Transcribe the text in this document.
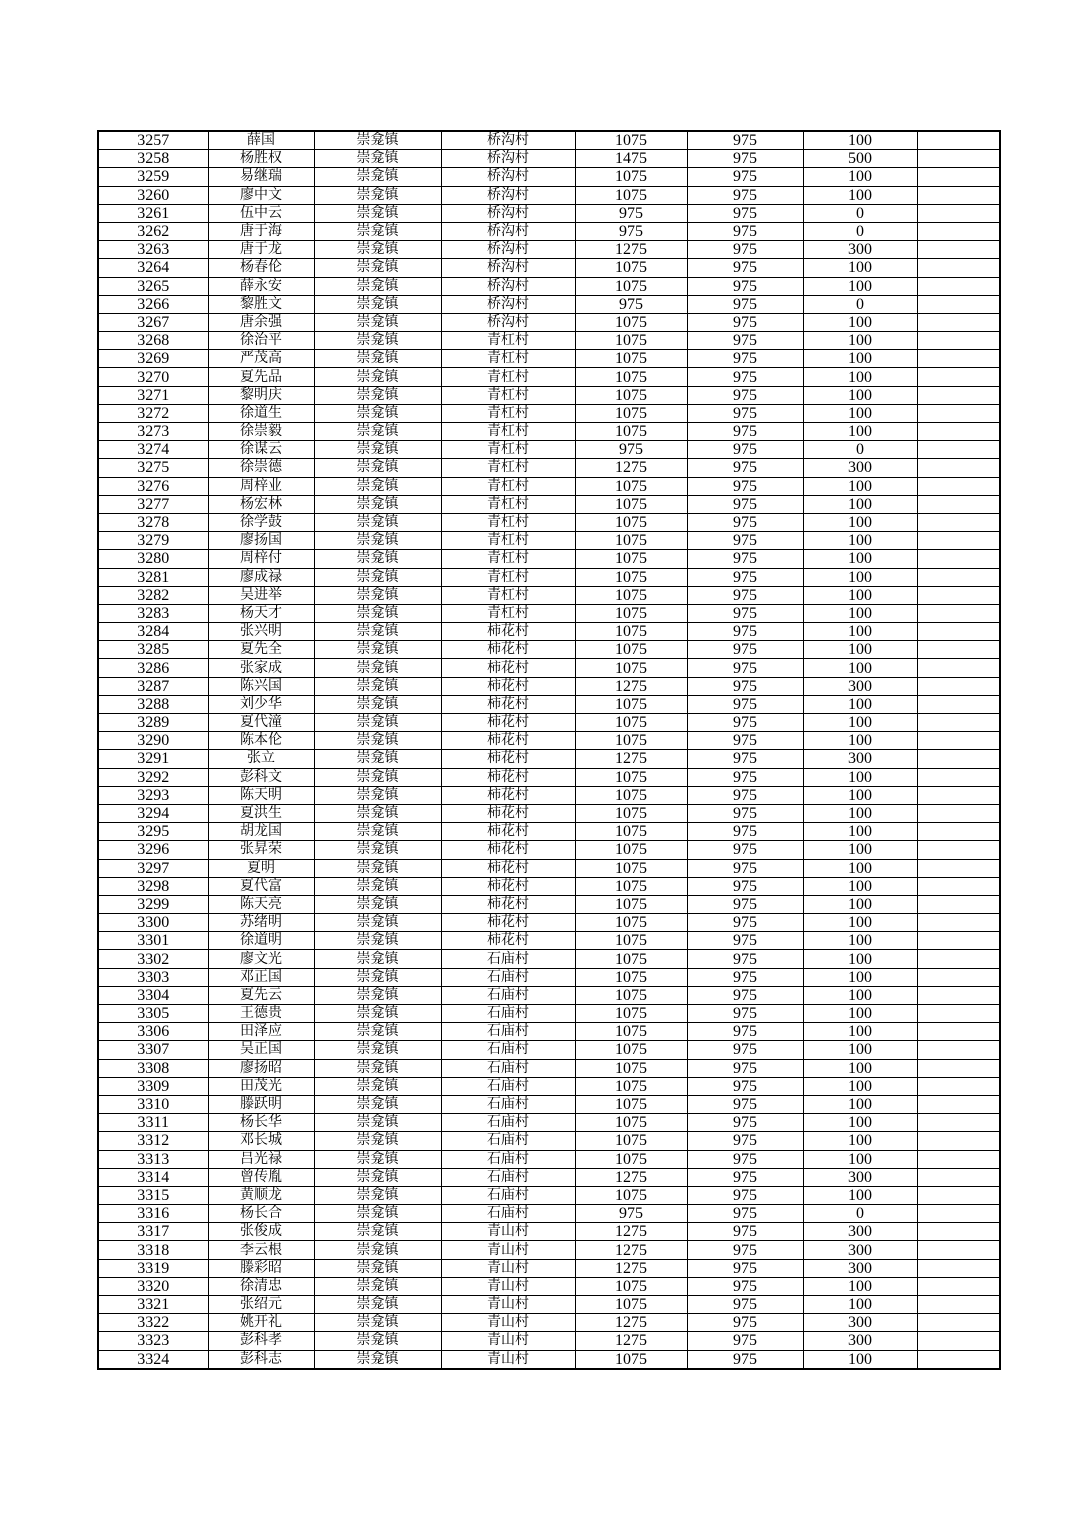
3257	薛国	崇龛镇	桥沟村	1075	975	100	
3258	杨胜权	崇龛镇	桥沟村	1475	975	500	
3259	易继瑞	崇龛镇	桥沟村	1075	975	100	
3260	廖中文	崇龛镇	桥沟村	1075	975	100	
3261	伍中云	崇龛镇	桥沟村	975	975	0	
3262	唐于海	崇龛镇	桥沟村	975	975	0	
3263	唐于龙	崇龛镇	桥沟村	1275	975	300	
3264	杨春伦	崇龛镇	桥沟村	1075	975	100	
3265	薛永安	崇龛镇	桥沟村	1075	975	100	
3266	黎胜文	崇龛镇	桥沟村	975	975	0	
3267	唐余强	崇龛镇	桥沟村	1075	975	100	
3268	徐治平	崇龛镇	青杠村	1075	975	100	
3269	严茂高	崇龛镇	青杠村	1075	975	100	
3270	夏先品	崇龛镇	青杠村	1075	975	100	
3271	黎明庆	崇龛镇	青杠村	1075	975	100	
3272	徐道生	崇龛镇	青杠村	1075	975	100	
3273	徐崇毅	崇龛镇	青杠村	1075	975	100	
3274	徐谋云	崇龛镇	青杠村	975	975	0	
3275	徐崇德	崇龛镇	青杠村	1275	975	300	
3276	周梓业	崇龛镇	青杠村	1075	975	100	
3277	杨宏林	崇龛镇	青杠村	1075	975	100	
3278	徐学鼓	崇龛镇	青杠村	1075	975	100	
3279	廖扬国	崇龛镇	青杠村	1075	975	100	
3280	周梓付	崇龛镇	青杠村	1075	975	100	
3281	廖成禄	崇龛镇	青杠村	1075	975	100	
3282	吴进举	崇龛镇	青杠村	1075	975	100	
3283	杨天才	崇龛镇	青杠村	1075	975	100	
3284	张兴明	崇龛镇	柿花村	1075	975	100	
3285	夏先全	崇龛镇	柿花村	1075	975	100	
3286	张家成	崇龛镇	柿花村	1075	975	100	
3287	陈兴国	崇龛镇	柿花村	1275	975	300	
3288	刘少华	崇龛镇	柿花村	1075	975	100	
3289	夏代潼	崇龛镇	柿花村	1075	975	100	
3290	陈本伦	崇龛镇	柿花村	1075	975	100	
3291	张立	崇龛镇	柿花村	1275	975	300	
3292	彭科文	崇龛镇	柿花村	1075	975	100	
3293	陈天明	崇龛镇	柿花村	1075	975	100	
3294	夏洪生	崇龛镇	柿花村	1075	975	100	
3295	胡龙国	崇龛镇	柿花村	1075	975	100	
3296	张昇荣	崇龛镇	柿花村	1075	975	100	
3297	夏明	崇龛镇	柿花村	1075	975	100	
3298	夏代富	崇龛镇	柿花村	1075	975	100	
3299	陈天亮	崇龛镇	柿花村	1075	975	100	
3300	苏绪明	崇龛镇	柿花村	1075	975	100	
3301	徐道明	崇龛镇	柿花村	1075	975	100	
3302	廖文光	崇龛镇	石庙村	1075	975	100	
3303	邓正国	崇龛镇	石庙村	1075	975	100	
3304	夏先云	崇龛镇	石庙村	1075	975	100	
3305	王德贵	崇龛镇	石庙村	1075	975	100	
3306	田泽应	崇龛镇	石庙村	1075	975	100	
3307	吴正国	崇龛镇	石庙村	1075	975	100	
3308	廖扬昭	崇龛镇	石庙村	1075	975	100	
3309	田茂光	崇龛镇	石庙村	1075	975	100	
3310	滕跃明	崇龛镇	石庙村	1075	975	100	
3311	杨长华	崇龛镇	石庙村	1075	975	100	
3312	邓长城	崇龛镇	石庙村	1075	975	100	
3313	吕光禄	崇龛镇	石庙村	1075	975	100	
3314	曾传胤	崇龛镇	石庙村	1275	975	300	
3315	黄顺龙	崇龛镇	石庙村	1075	975	100	
3316	杨长合	崇龛镇	石庙村	975	975	0	
3317	张俊成	崇龛镇	青山村	1275	975	300	
3318	李云根	崇龛镇	青山村	1275	975	300	
3319	滕彩昭	崇龛镇	青山村	1275	975	300	
3320	徐清忠	崇龛镇	青山村	1075	975	100	
3321	张绍元	崇龛镇	青山村	1075	975	100	
3322	姚开礼	崇龛镇	青山村	1275	975	300	
3323	彭科孝	崇龛镇	青山村	1275	975	300	
3324	彭科志	崇龛镇	青山村	1075	975	100	
